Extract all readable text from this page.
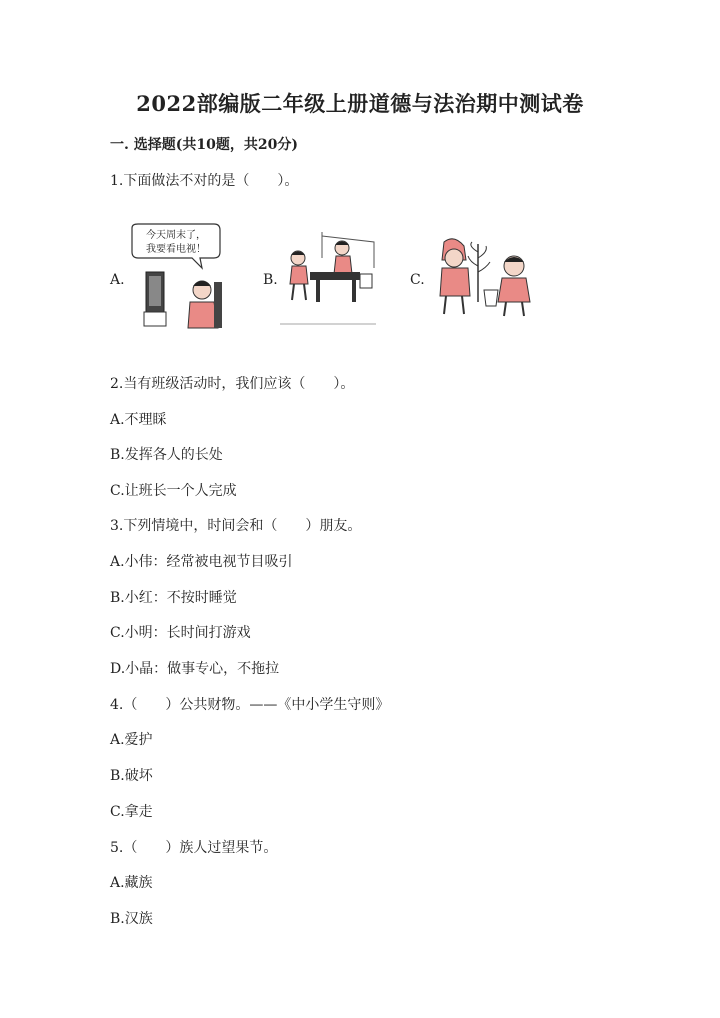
2022部编版二年级上册道德与法治期中测试卷
一. 选择题(共10题，共20分)
1.下面做法不对的是（　　）。
A.	B.	C.
今天周末了，
我要看电视！
2.当有班级活动时，我们应该（　　）。
A.不理睬
B.发挥各人的长处
C.让班长一个人完成
3.下列情境中，时间会和（　　）朋友。
A.小伟：经常被电视节目吸引
B.小红：不按时睡觉
C.小明：长时间打游戏
D.小晶：做事专心，不拖拉
4.（　　）公共财物。——《中小学生守则》
A.爱护
B.破坏
C.拿走
5.（　　）族人过望果节。
A.藏族
B.汉族
